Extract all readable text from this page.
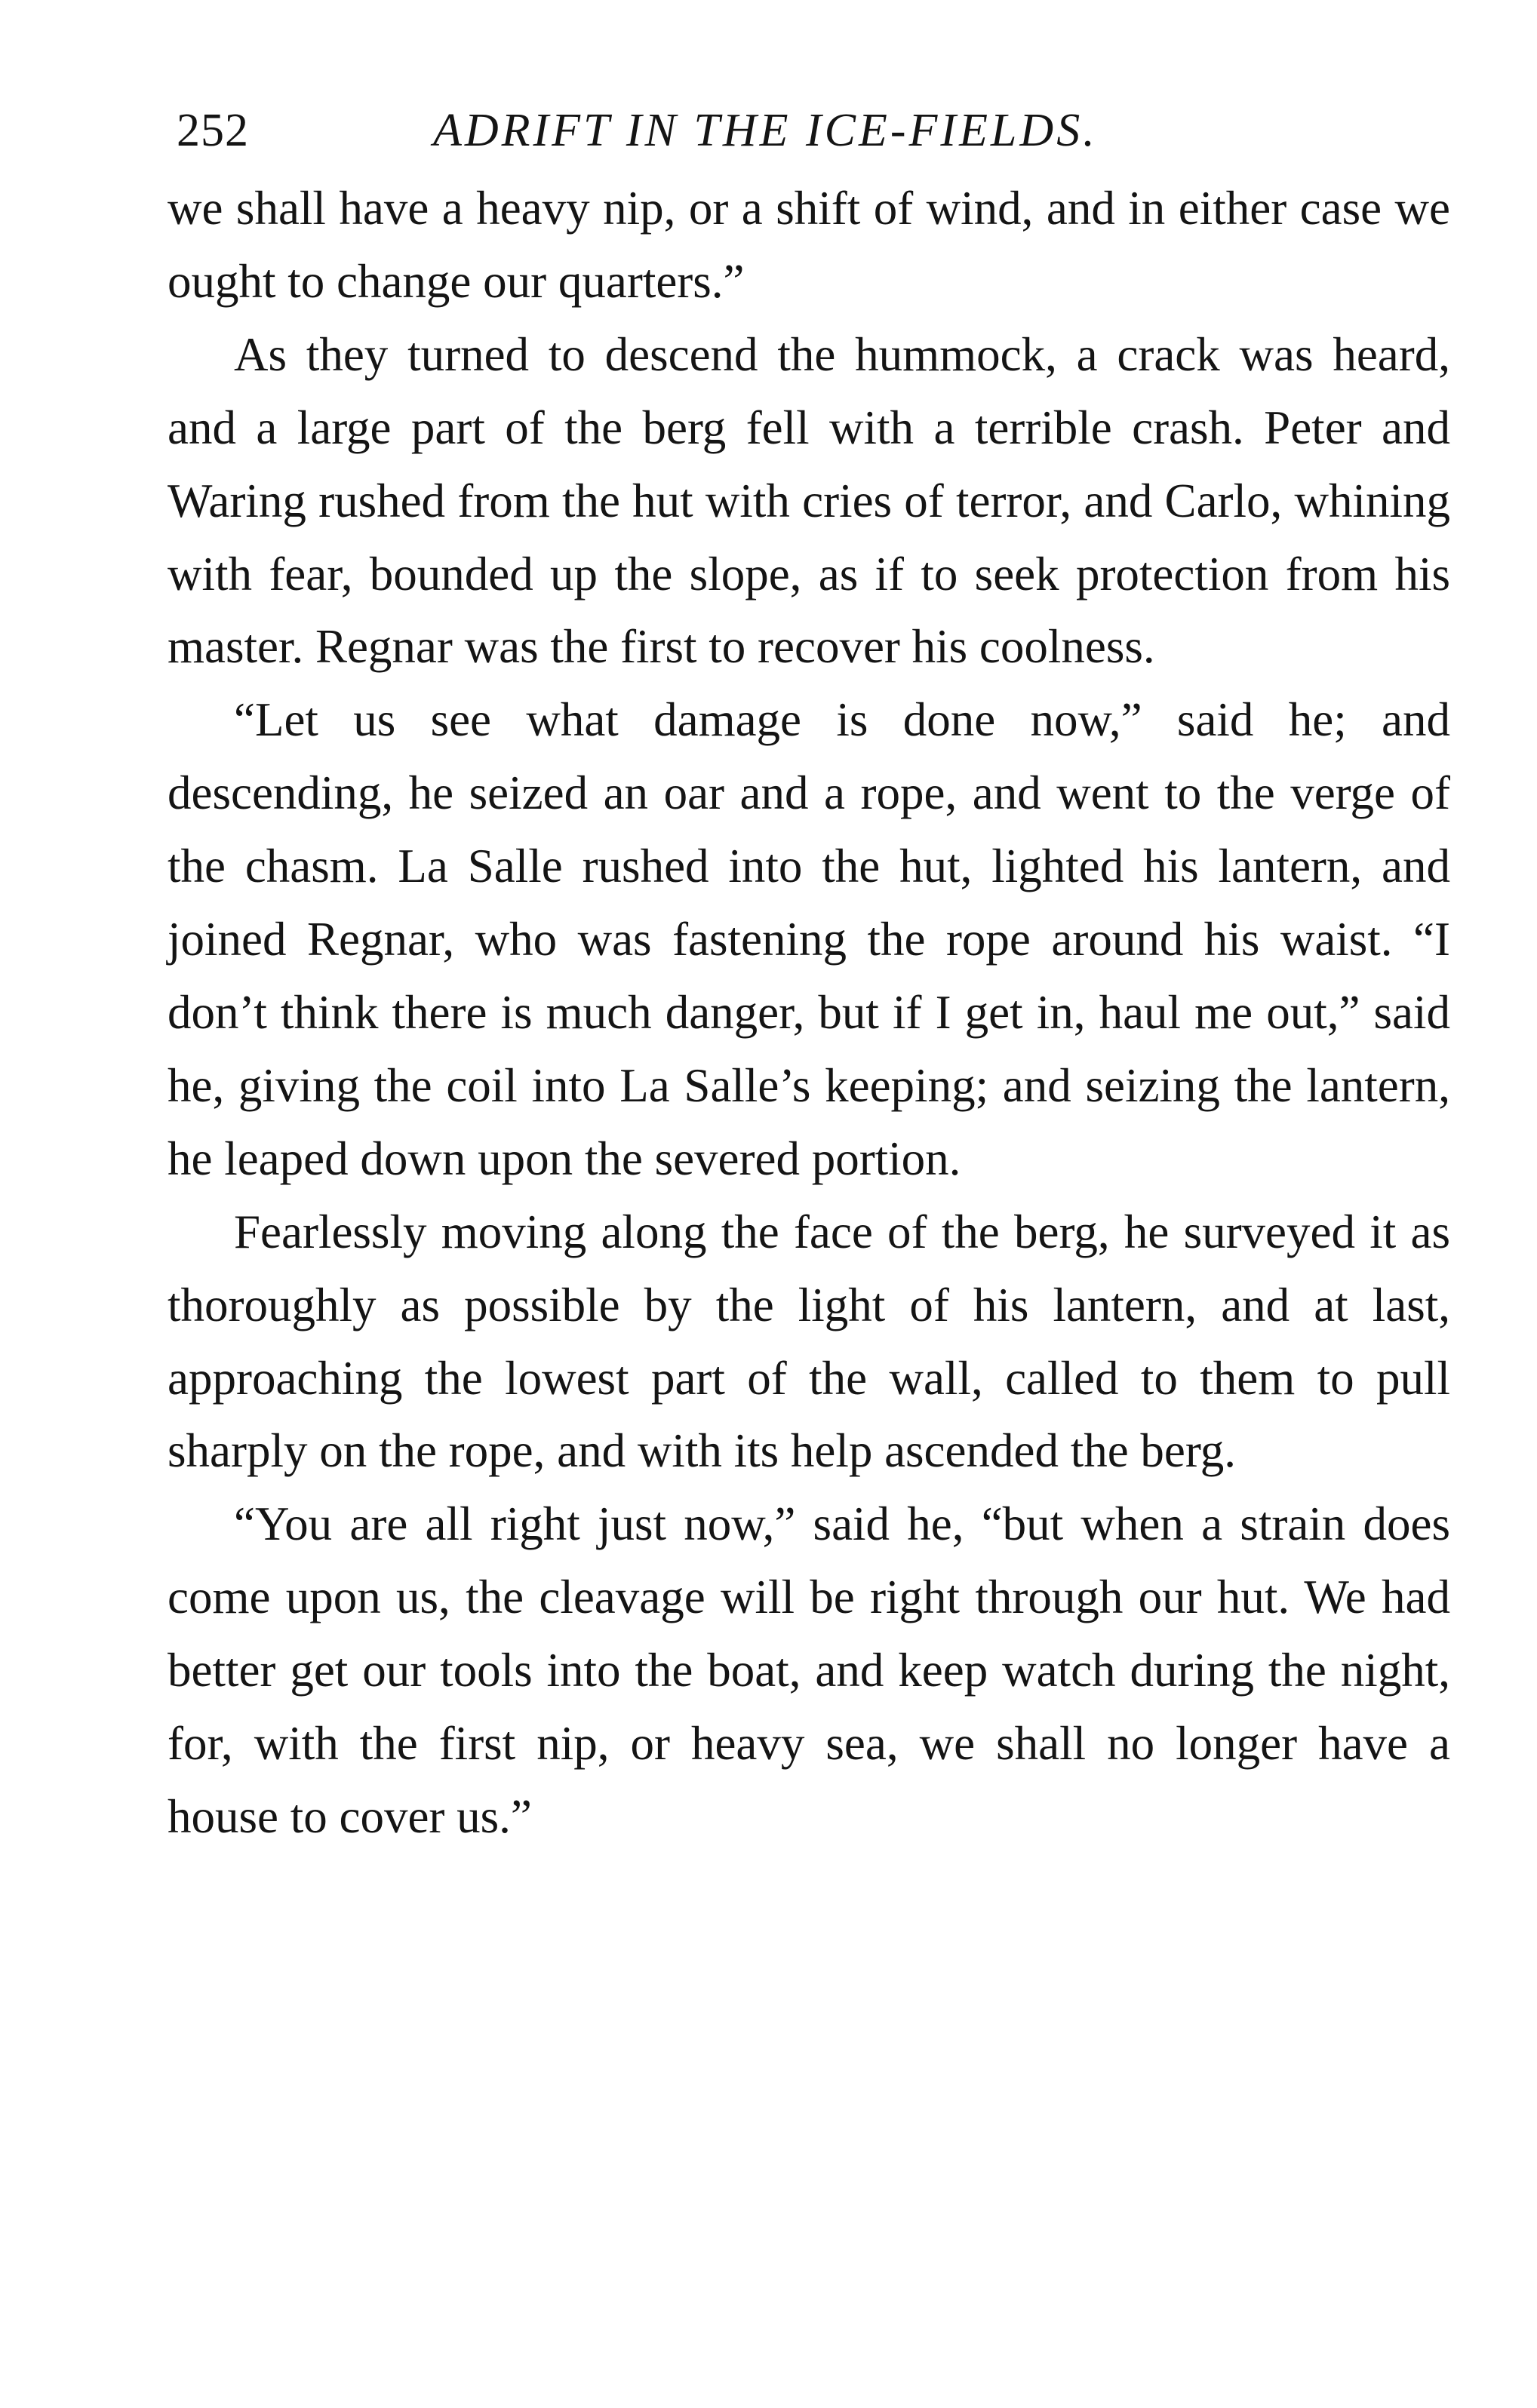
252	ADRIFT IN THE ICE-FIELDS.

we shall have a heavy nip, or a shift of wind, and in either case we ought to change our quarters.”

As they turned to descend the hummock, a crack was heard, and a large part of the berg fell with a terrible crash. Peter and Waring rushed from the hut with cries of terror, and Carlo, whining with fear, bounded up the slope, as if to seek protection from his master. Regnar was the first to recover his coolness.

“Let us see what damage is done now,” said he; and descending, he seized an oar and a rope, and went to the verge of the chasm. La Salle rushed into the hut, lighted his lantern, and joined Regnar, who was fastening the rope around his waist. “I don’t think there is much danger, but if I get in, haul me out,” said he, giving the coil into La Salle’s keeping; and seizing the lantern, he leaped down upon the severed portion.

Fearlessly moving along the face of the berg, he surveyed it as thoroughly as possible by the light of his lantern, and at last, approaching the lowest part of the wall, called to them to pull sharply on the rope, and with its help ascended the berg.

“You are all right just now,” said he, “but when a strain does come upon us, the cleavage will be right through our hut. We had better get our tools into the boat, and keep watch during the night, for, with the first nip, or heavy sea, we shall no longer have a house to cover us.”
